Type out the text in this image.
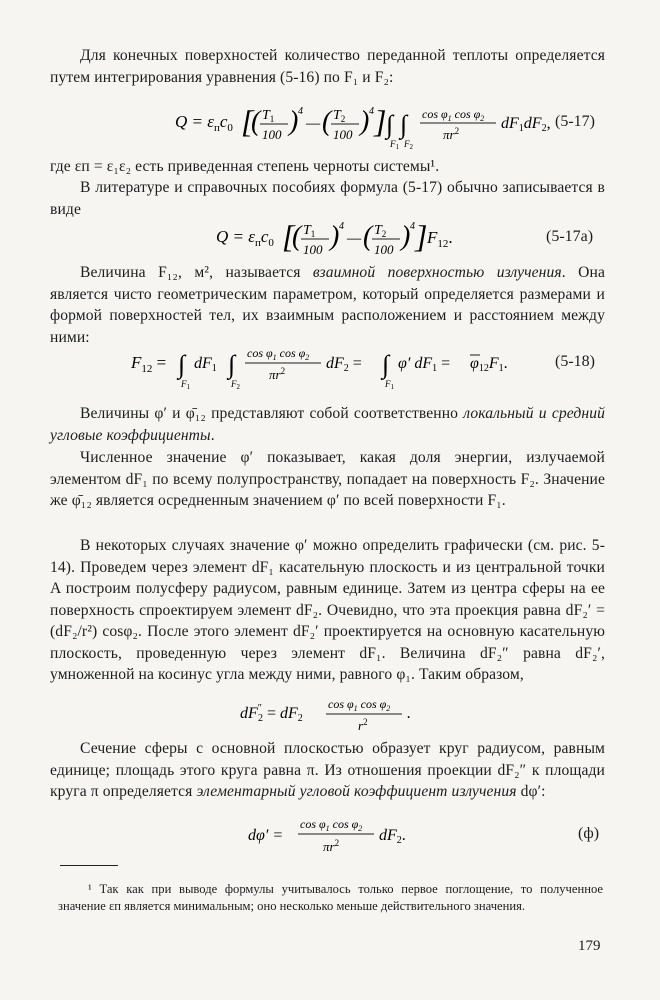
Для конечных поверхностей количество переданной теплоты определяется путем интегрирования уравнения (5-16) по F₁ и F₂:

$Q = \varepsilon_пc_0$ [
( $T_1$
100 ) 4
— ( $T_2$
100 ) 4 ] ∫ ∫
$F_1$ $F_2$
$\cos \varphi_1$ $\cos \varphi_2$
$\pi r^2$	dF1dF2, (5-17)

где εп = ε₁ε₂ есть приведенная степень черноты системы¹.

В литературе и справочных пособиях формула (5-17) обычно записывается в виде

$Q = \varepsilon_пc_0$ [
( $T_1$
100 ) 4
— ( $T_2$
100 ) 4 ] $F_{12}$.	(5-17а)

Величина F₁₂, м², называется взаимной поверхностью излучения. Она является чисто геометрическим параметром, который определяется размерами и формой поверхностей тел, их взаимным расположением и расстоянием между ними:

$F_{12}$ = ∫
$F_1$
dF1 ∫
$F_2$
$\cos \varphi_1$ $\cos \varphi_2$
$\pi r^2$	dF2 = ∫
$F_1$
φ′ dF1 = φ12F1.	(5-18)

Величины φ′ и φ̄₁₂ представляют собой соответственно локальный и средний угловые коэффициенты.

Численное значение φ′ показывает, какая доля энергии, излучаемой элементом dF₁ по всему полупространству, попадает на поверхность F₂. Значение же φ̄₁₂ является осредненным значением φ′ по всей поверхности F₁.

В некоторых случаях значение φ′ можно определить графически (см. рис. 5-14). Проведем через элемент dF₁ касательную плоскость и из центральной точки A построим полусферу радиусом, равным единице. Затем из центра сферы на ее поверхность спроектируем элемент dF₂. Очевидно, что эта проекция равна dF₂′ = (dF₂/r²) cosφ₂. После этого элемент dF₂′ проектируется на основную касательную плоскость, проведенную через элемент dF₁. Величина dF₂″ равна dF₂′, умноженной на косинус угла между ними, равного φ₁. Таким образом,

dF″ 2 = dF2
$\cos \varphi_1$ $\cos \varphi_2$
$r^2$ .

Сечение сферы с основной плоскостью образует круг радиусом, равным единице; площадь этого круга равна π. Из отношения проекции dF₂″ к площади круга π определяется элементарный угловой коэффициент излучения dφ′:

dφ′ =
$\cos \varphi_1$ $\cos \varphi_2$
$\pi r^2$ dF2.	(ф)
¹ Так как при выводе формулы учитывалось только первое поглощение, то полученное значение εп является минимальным; оно несколько меньше действительного значения.
179
